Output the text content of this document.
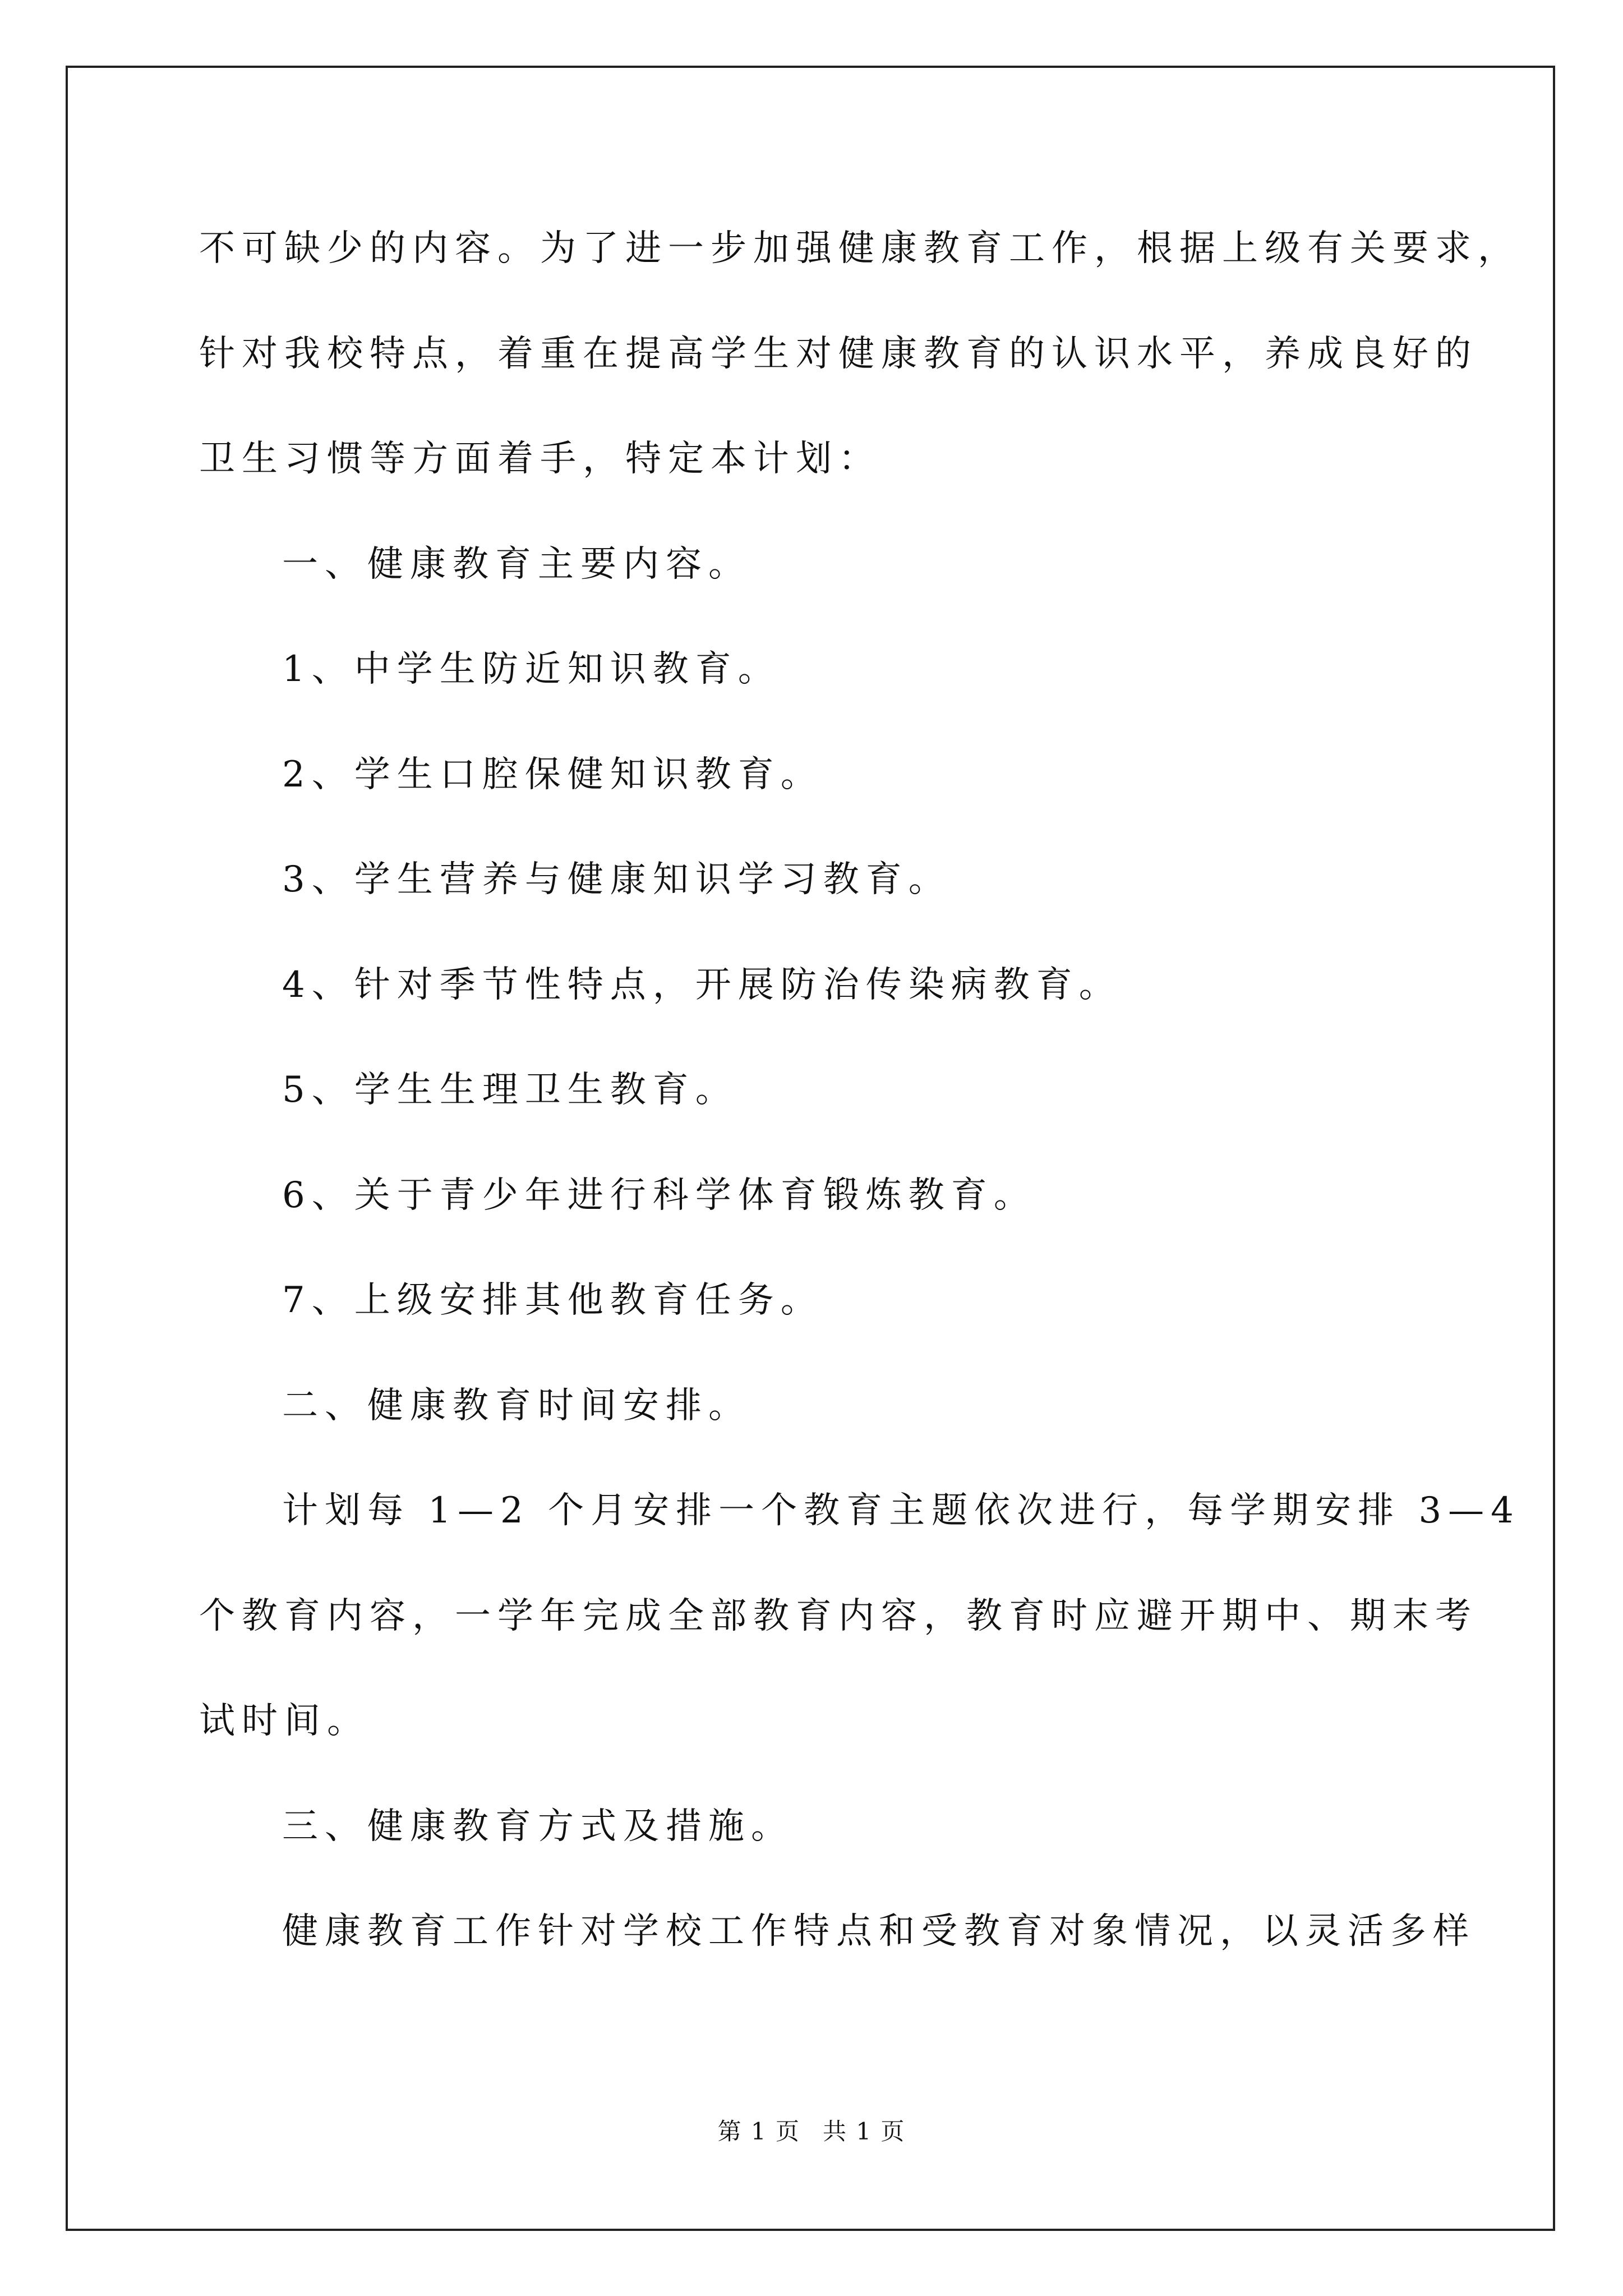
不可缺少的内容。为了进一步加强健康教育工作，根据上级有关要求，
针对我校特点，着重在提高学生对健康教育的认识水平，养成良好的
卫生习惯等方面着手，特定本计划：
一、健康教育主要内容。
1、中学生防近知识教育。
2、学生口腔保健知识教育。
3、学生营养与健康知识学习教育。
4、针对季节性特点，开展防治传染病教育。
5、学生生理卫生教育。
6、关于青少年进行科学体育锻炼教育。
7、上级安排其他教育任务。
二、健康教育时间安排。
计划每 1—2 个月安排一个教育主题依次进行，每学期安排 3—4
个教育内容，一学年完成全部教育内容，教育时应避开期中、期末考
试时间。
三、健康教育方式及措施。
健康教育工作针对学校工作特点和受教育对象情况，以灵活多样
第 1 页 共 1 页
